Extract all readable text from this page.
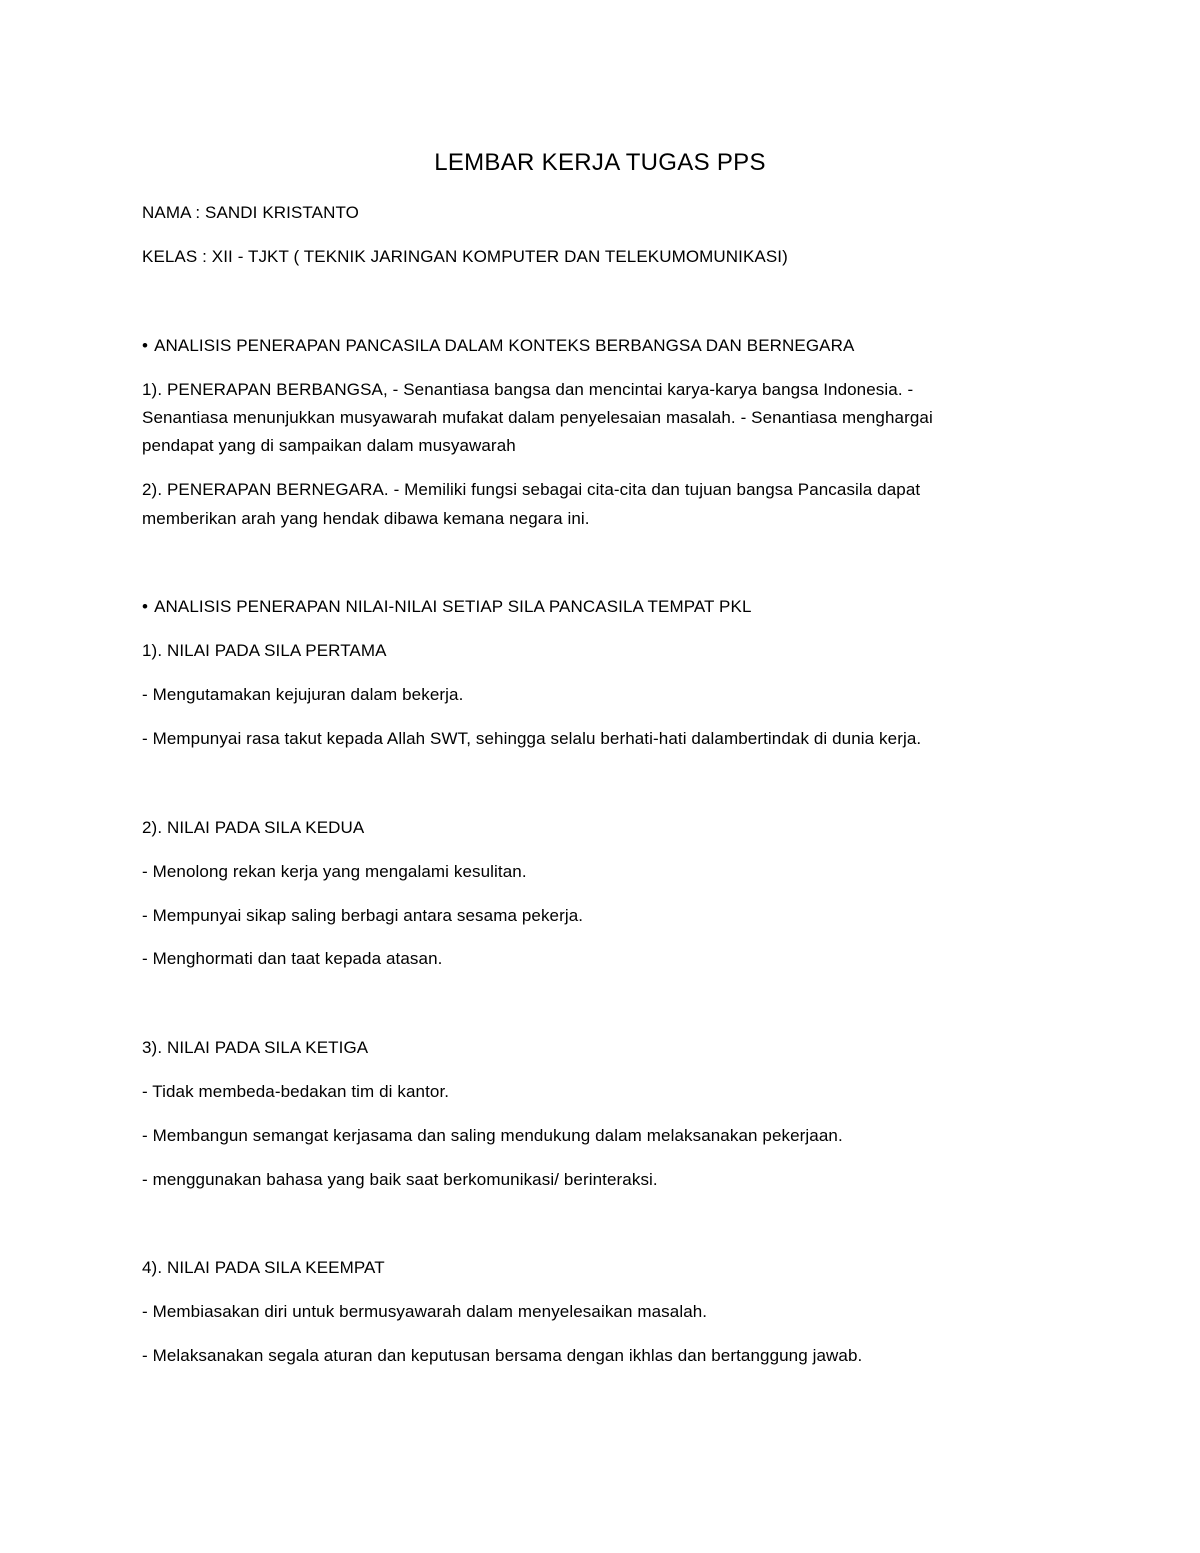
LEMBAR KERJA TUGAS PPS
NAMA : SANDI KRISTANTO
KELAS : XII - TJKT ( TEKNIK JARINGAN KOMPUTER DAN TELEKUMOMUNIKASI)
• ANALISIS PENERAPAN PANCASILA DALAM KONTEKS BERBANGSA DAN BERNEGARA
1). PENERAPAN BERBANGSA, - Senantiasa bangsa dan mencintai karya-karya bangsa Indonesia. -
Senantiasa menunjukkan musyawarah mufakat dalam penyelesaian masalah. - Senantiasa menghargai
pendapat yang di sampaikan dalam musyawarah
2). PENERAPAN BERNEGARA. - Memiliki fungsi sebagai cita-cita dan tujuan bangsa Pancasila dapat
memberikan arah yang hendak dibawa kemana negara ini.
• ANALISIS PENERAPAN NILAI-NILAI SETIAP SILA PANCASILA TEMPAT PKL
1). NILAI PADA SILA PERTAMA
- Mengutamakan kejujuran dalam bekerja.
- Mempunyai rasa takut kepada Allah SWT, sehingga selalu berhati-hati dalambertindak di dunia kerja.
2). NILAI PADA SILA KEDUA
- Menolong rekan kerja yang mengalami kesulitan.
- Mempunyai sikap saling berbagi antara sesama pekerja.
- Menghormati dan taat kepada atasan.
3). NILAI PADA SILA KETIGA
- Tidak membeda-bedakan tim di kantor.
- Membangun semangat kerjasama dan saling mendukung dalam melaksanakan pekerjaan.
- menggunakan bahasa yang baik saat berkomunikasi/ berinteraksi.
4). NILAI PADA SILA KEEMPAT
- Membiasakan diri untuk bermusyawarah dalam menyelesaikan masalah.
- Melaksanakan segala aturan dan keputusan bersama dengan ikhlas dan bertanggung jawab.
